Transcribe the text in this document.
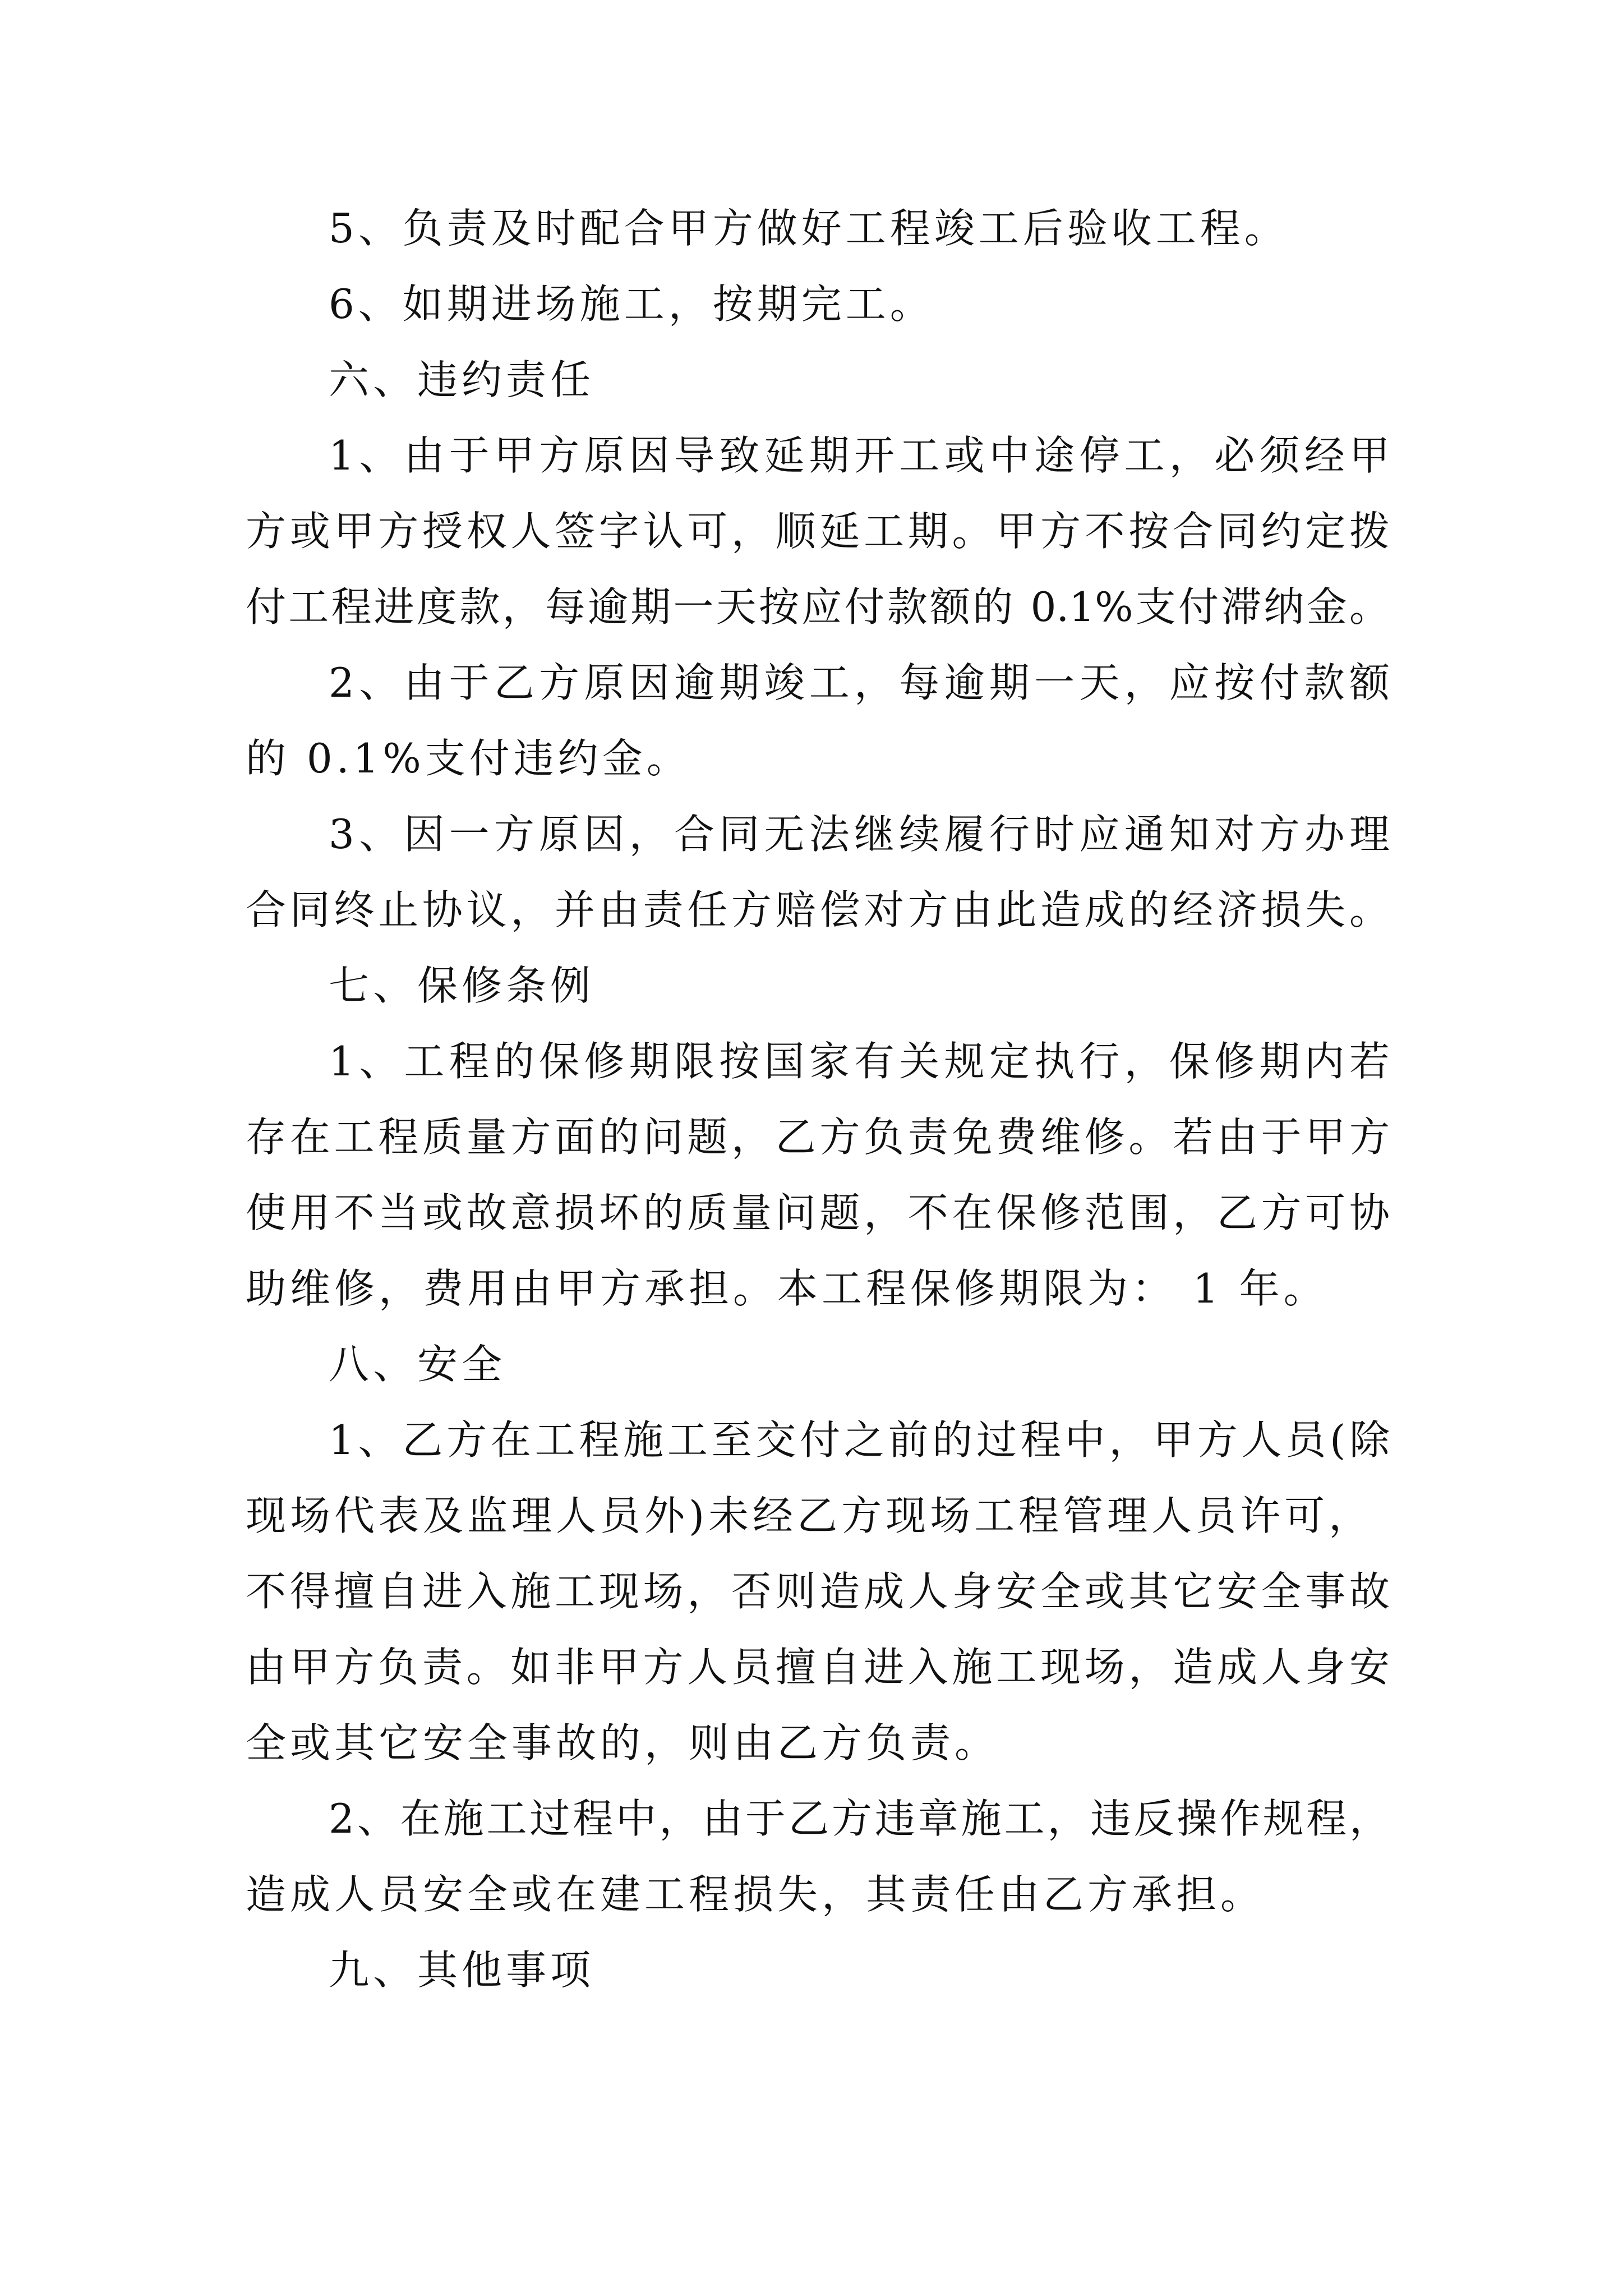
5、负责及时配合甲方做好工程竣工后验收工程。
6、如期进场施工，按期完工。
六、违约责任
1、由于甲方原因导致延期开工或中途停工，必须经甲
方或甲方授权人签字认可，顺延工期。甲方不按合同约定拨
付工程进度款，每逾期一天按应付款额的 0.1%支付滞纳金。
2、由于乙方原因逾期竣工，每逾期一天，应按付款额
的 0.1%支付违约金。
3、因一方原因，合同无法继续履行时应通知对方办理
合同终止协议，并由责任方赔偿对方由此造成的经济损失。
七、保修条例
1、工程的保修期限按国家有关规定执行，保修期内若
存在工程质量方面的问题，乙方负责免费维修。若由于甲方
使用不当或故意损坏的质量问题，不在保修范围，乙方可协
助维修，费用由甲方承担。本工程保修期限为： 1 年。
八、安全
1、乙方在工程施工至交付之前的过程中，甲方人员(除
现场代表及监理人员外)未经乙方现场工程管理人员许可，
不得擅自进入施工现场，否则造成人身安全或其它安全事故
由甲方负责。如非甲方人员擅自进入施工现场，造成人身安
全或其它安全事故的，则由乙方负责。
2、在施工过程中，由于乙方违章施工，违反操作规程，
造成人员安全或在建工程损失，其责任由乙方承担。
九、其他事项
